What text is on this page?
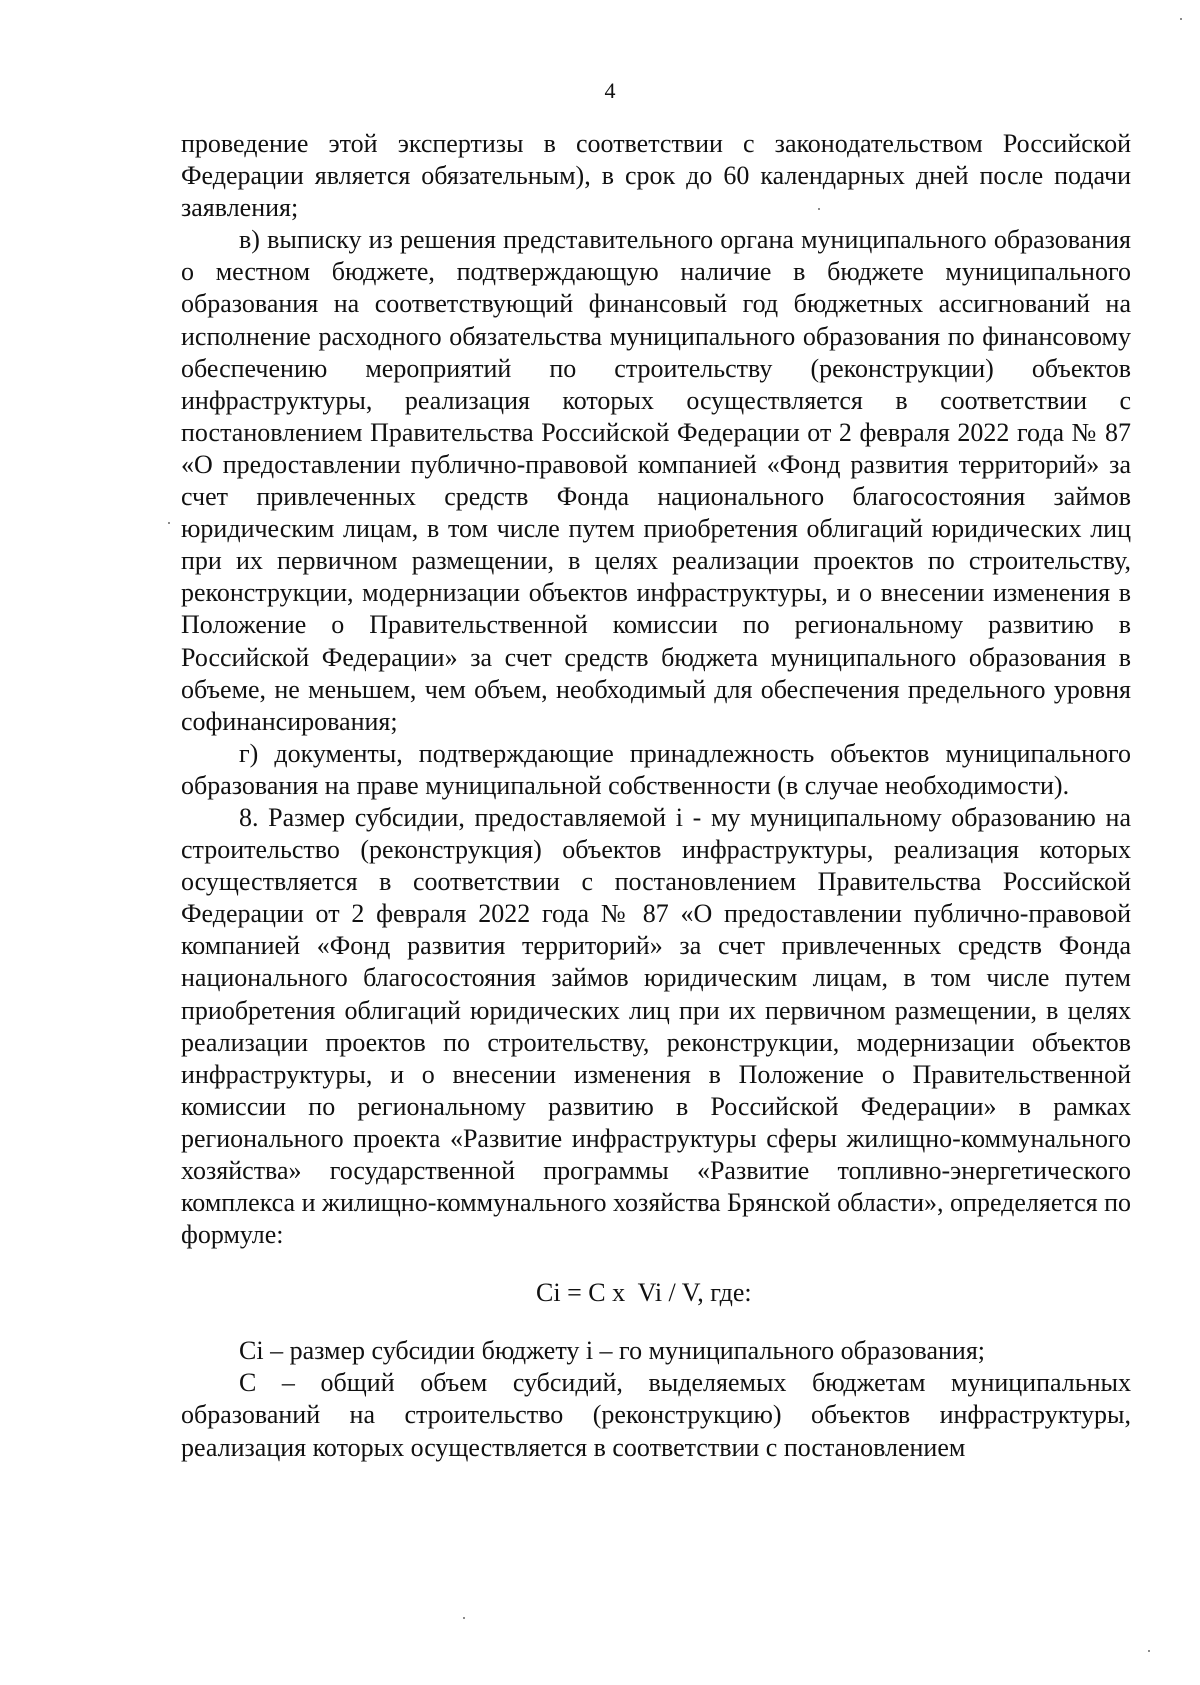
4

проведение этой экспертизы в соответствии с законодательством Российской Федерации является обязательным), в срок до 60 календарных дней после подачи заявления;

в) выписку из решения представительного органа муниципального образования о местном бюджете, подтверждающую наличие в бюджете муниципального образования на соответствующий финансовый год бюджетных ассигнований на исполнение расходного обязательства муниципального образования по финансовому обеспечению мероприятий по строительству (реконструкции) объектов инфраструктуры, реализация которых осуществляется в соответствии с постановлением Правительства Российской Федерации от 2 февраля 2022 года № 87 «О предоставлении публично-правовой компанией «Фонд развития территорий» за счет привлеченных средств Фонда национального благосостояния займов юридическим лицам, в том числе путем приобретения облигаций юридических лиц при их первичном размещении, в целях реализации проектов по строительству, реконструкции, модернизации объектов инфраструктуры, и о внесении изменения в Положение о Правительственной комиссии по региональному развитию в Российской Федерации» за счет средств бюджета муниципального образования в объеме, не меньшем, чем объем, необходимый для обеспечения предельного уровня софинансирования;

г) документы, подтверждающие принадлежность объектов муниципального образования на праве муниципальной собственности (в случае необходимости).

8. Размер субсидии, предоставляемой i - му муниципальному образованию на строительство (реконструкция) объектов инфраструктуры, реализация которых осуществляется в соответствии с постановлением Правительства Российской Федерации от 2 февраля 2022 года № 87 «О предоставлении публично-правовой компанией «Фонд развития территорий» за счет привлеченных средств Фонда национального благосостояния займов юридическим лицам, в том числе путем приобретения облигаций юридических лиц при их первичном размещении, в целях реализации проектов по строительству, реконструкции, модернизации объектов инфраструктуры, и о внесении изменения в Положение о Правительственной комиссии по региональному развитию в Российской Федерации» в рамках регионального проекта «Развитие инфраструктуры сферы жилищно-коммунального хозяйства» государственной программы «Развитие топливно-энергетического комплекса и жилищно-коммунального хозяйства Брянской области», определяется по формуле:

Ci = C x  Vi / V, где:

Ci – размер субсидии бюджету i – го муниципального образования;

C – общий объем субсидий, выделяемых бюджетам муниципальных образований на строительство (реконструкцию) объектов инфраструктуры, реализация которых осуществляется в соответствии с постановлением
